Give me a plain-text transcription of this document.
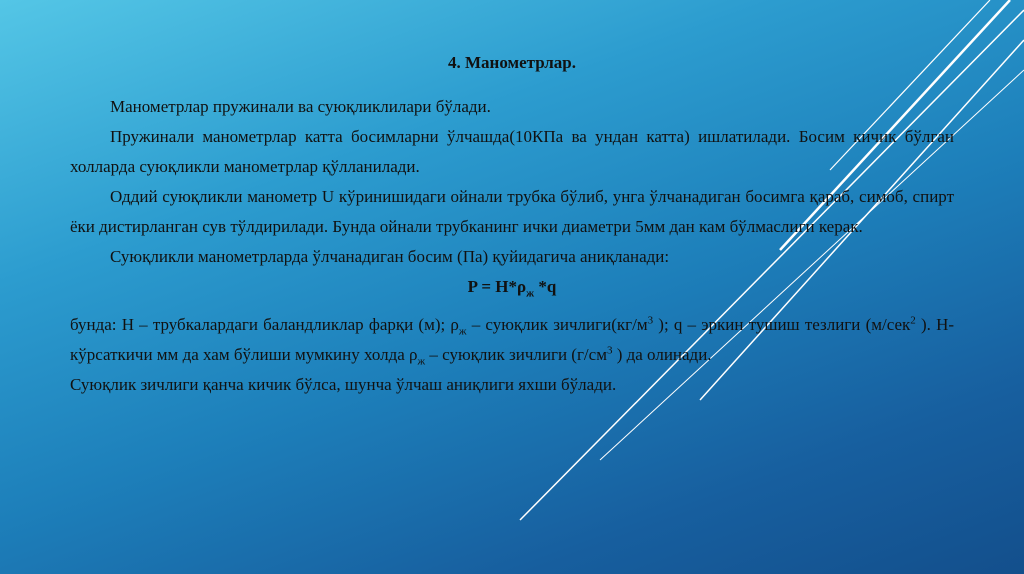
4. Манометрлар.

Манометрлар пружинали ва суюқликлилари бўлади.

Пружинали манометрлар катта босимларни ўлчашда(10КПа ва ундан катта) ишлатилади. Босим кичик бўлган холларда суюқликли манометрлар қўлланилади.

Оддий суюқликли манометр U кўринишидаги ойнали трубка бўлиб, унга ўлчанадиган босимга қараб, симоб, спирт ёки дистирланган сув тўлдирилади. Бунда ойнали трубканинг ички диаметри 5мм дан кам бўлмаслиги керак.

Суюқликли манометрларда ўлчанадиган босим (Па) қуйидагича аниқланади:

$P = H*\rho_ж$ *q

бунда: Н – трубкалардаги баландликлар фарқи (м); $\rho_ж$ – суюқлик $зичлиги(кг/м^3$ ); q – эркин тушиш тезлиги (м/сек$^2$ ). Н-кўрсаткичи мм да хам бўлиши мумкину холда $\rho_ж$ – суюқлик зичлиги ($г/см^3$ ) да олинади.

Суюқлик зичлиги қанча кичик бўлса, шунча ўлчаш аниқлиги яхши бўлади.
